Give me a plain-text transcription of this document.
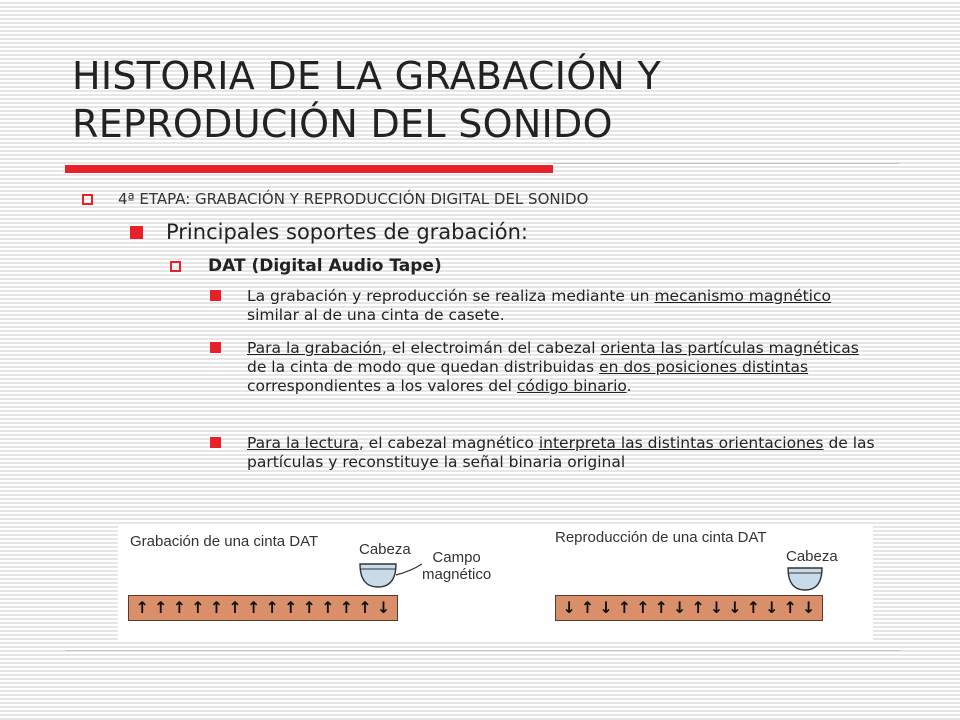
HISTORIA DE LA GRABACIÓN Y
REPRODUCIÓN DEL SONIDO
4ª ETAPA: GRABACIÓN Y REPRODUCCIÓN DIGITAL DEL SONIDO
Principales soportes de grabación:
DAT (Digital Audio Tape)
La grabación y reproducción se realiza mediante un mecanismo magnético similar al de una cinta de casete.
Para la grabación, el electroimán del cabezal orienta las partículas magnéticas de la cinta de modo que quedan distribuidas en dos posiciones distintas correspondientes a los valores del código binario.
Para la lectura, el cabezal magnético interpreta las distintas orientaciones de las partículas y reconstituye la señal binaria original
Grabación de una cinta DAT	Cabeza	Campo
magnético
↑ ↑ ↑ ↑ ↑ ↑ ↑ ↑ ↑ ↑ ↑ ↑ ↑ ↓
Reproducción de una cinta DAT
Cabeza
↓ ↑ ↓ ↑ ↑ ↑ ↓ ↑ ↓ ↓ ↑ ↓ ↑ ↓
